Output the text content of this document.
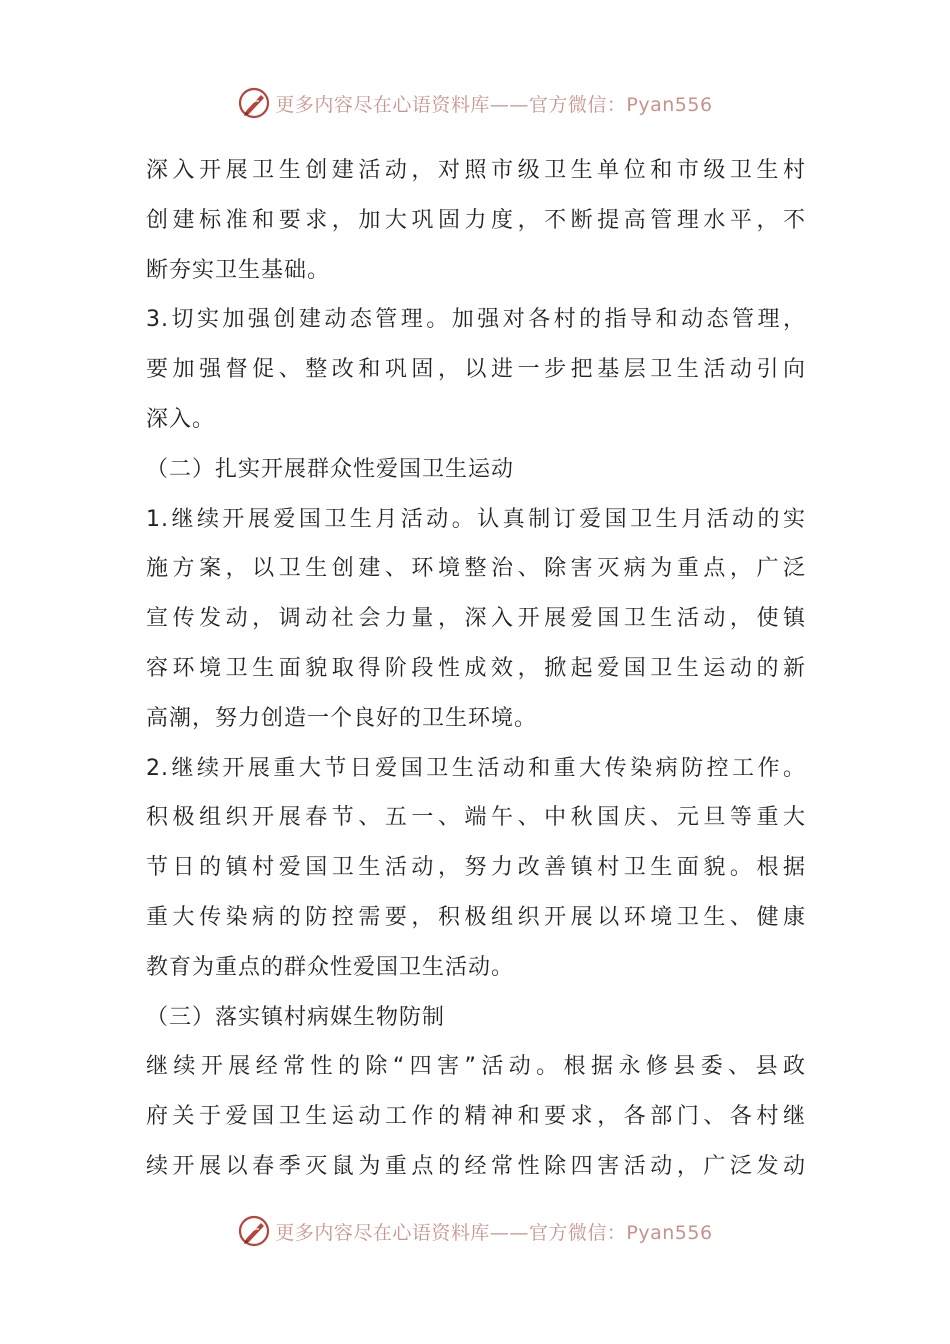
更多内容尽在心语资料库——官方微信：Pyan556
深入开展卫生创建活动，对照市级卫生单位和市级卫生村
创建标准和要求，加大巩固力度，不断提高管理水平，不
断夯实卫生基础。
3.切实加强创建动态管理。加强对各村的指导和动态管理，
要加强督促、整改和巩固，以进一步把基层卫生活动引向
深入。
（二）扎实开展群众性爱国卫生运动
1.继续开展爱国卫生月活动。认真制订爱国卫生月活动的实
施方案，以卫生创建、环境整治、除害灭病为重点，广泛
宣传发动，调动社会力量，深入开展爱国卫生活动，使镇
容环境卫生面貌取得阶段性成效，掀起爱国卫生运动的新
高潮，努力创造一个良好的卫生环境。
2.继续开展重大节日爱国卫生活动和重大传染病防控工作。
积极组织开展春节、五一、端午、中秋国庆、元旦等重大
节日的镇村爱国卫生活动，努力改善镇村卫生面貌。根据
重大传染病的防控需要，积极组织开展以环境卫生、健康
教育为重点的群众性爱国卫生活动。
（三）落实镇村病媒生物防制
继续开展经常性的除“四害”活动。根据永修县委、县政
府关于爱国卫生运动工作的精神和要求，各部门、各村继
续开展以春季灭鼠为重点的经常性除四害活动，广泛发动
更多内容尽在心语资料库——官方微信：Pyan556
